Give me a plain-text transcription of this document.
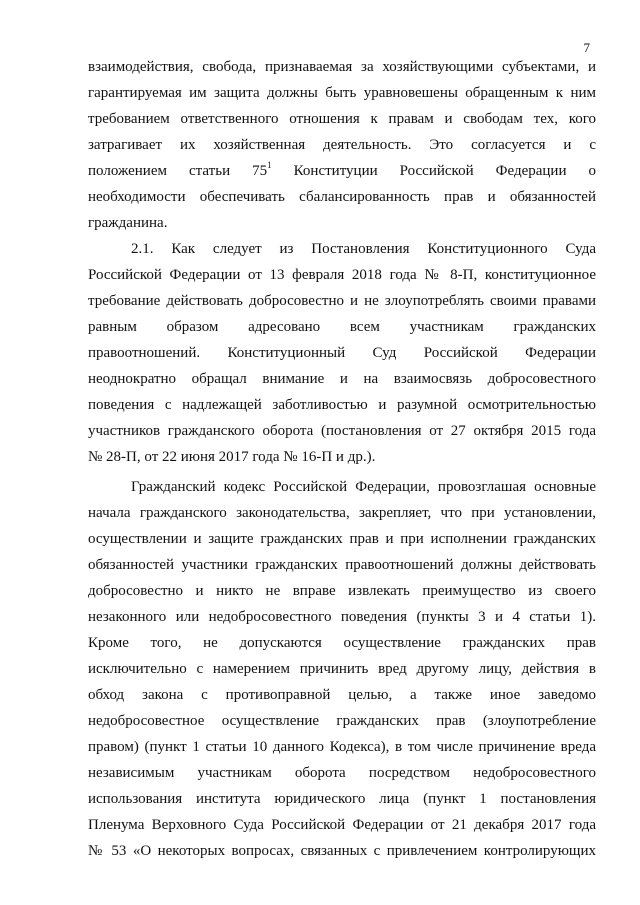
7
взаимодействия, свобода, признаваемая за хозяйствующими субъектами, и
гарантируемая им защита должны быть уравновешены обращенным к ним
требованием ответственного отношения к правам и свободам тех, кого
затрагивает их хозяйственная деятельность. Это согласуется и с
положением статьи $75^1$ Конституции Российской Федерации о
необходимости обеспечивать сбалансированность прав и обязанностей
гражданина.
2.1. Как следует из Постановления Конституционного Суда
Российской Федерации от 13 февраля 2018 года № 8-П, конституционное
требование действовать добросовестно и не злоупотреблять своими правами
равным образом адресовано всем участникам гражданских
правоотношений. Конституционный Суд Российской Федерации
неоднократно обращал внимание и на взаимосвязь добросовестного
поведения с надлежащей заботливостью и разумной осмотрительностью
участников гражданского оборота (постановления от 27 октября 2015 года
№ 28-П, от 22 июня 2017 года № 16-П и др.).
Гражданский кодекс Российской Федерации, провозглашая основные
начала гражданского законодательства, закрепляет, что при установлении,
осуществлении и защите гражданских прав и при исполнении гражданских
обязанностей участники гражданских правоотношений должны действовать
добросовестно и никто не вправе извлекать преимущество из своего
незаконного или недобросовестного поведения (пункты 3 и 4 статьи 1).
Кроме того, не допускаются осуществление гражданских прав
исключительно с намерением причинить вред другому лицу, действия в
обход закона с противоправной целью, а также иное заведомо
недобросовестное осуществление гражданских прав (злоупотребление
правом) (пункт 1 статьи 10 данного Кодекса), в том числе причинение вреда
независимым участникам оборота посредством недобросовестного
использования института юридического лица (пункт 1 постановления
Пленума Верховного Суда Российской Федерации от 21 декабря 2017 года
№ 53 «О некоторых вопросах, связанных с привлечением контролирующих
